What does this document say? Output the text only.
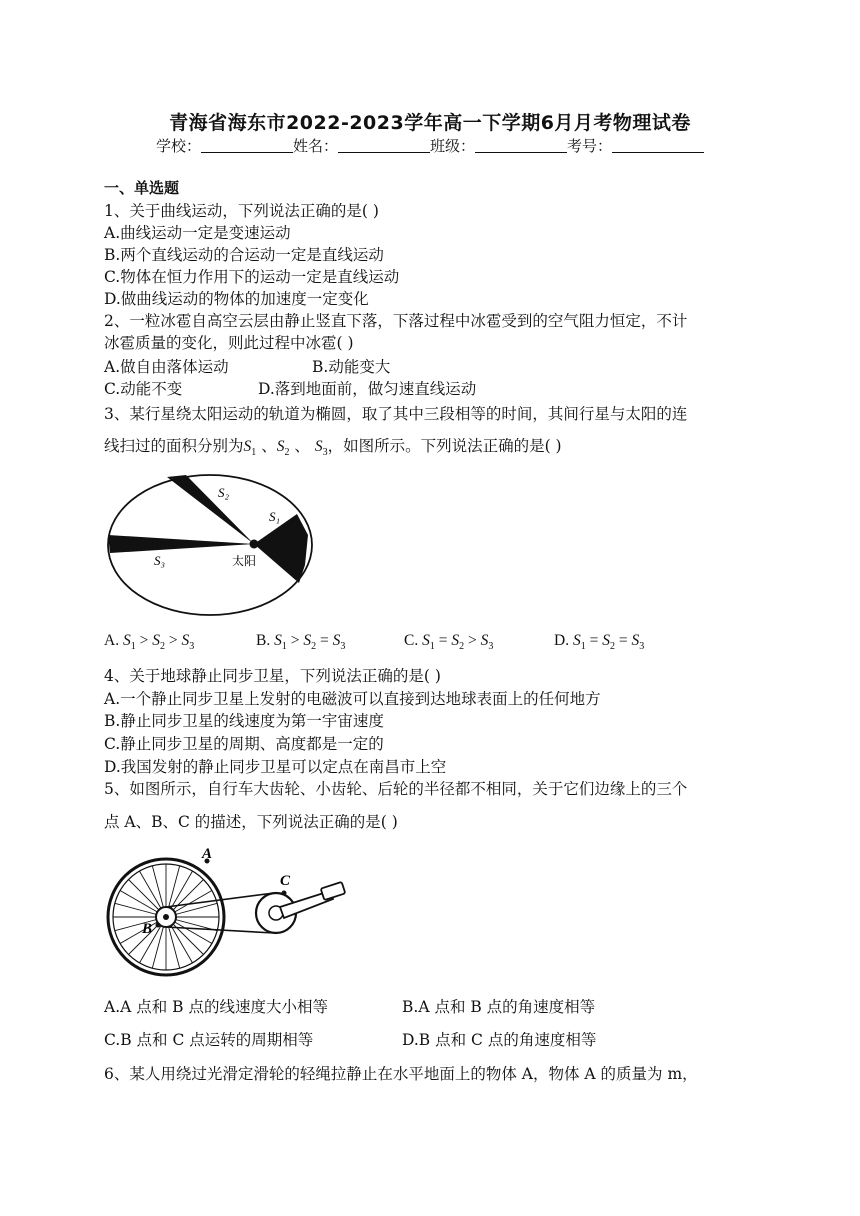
青海省海东市2022-2023学年高一下学期6月月考物理试卷
学校：	姓名：	班级：	考号：
一、单选题
1、关于曲线运动，下列说法正确的是( )
A.曲线运动一定是变速运动
B.两个直线运动的合运动一定是直线运动
C.物体在恒力作用下的运动一定是直线运动
D.做曲线运动的物体的加速度一定变化
2、一粒冰雹自高空云层由静止竖直下落，下落过程中冰雹受到的空气阻力恒定，不计
冰雹质量的变化，则此过程中冰雹( )
A.做自由落体运动	B.动能变大
C.动能不变	D.落到地面前，做匀速直线运动
3、某行星绕太阳运动的轨道为椭圆，取了其中三段相等的时间，其间行星与太阳的连
线扫过的面积分别为$S_1$ 、$S_2$ 、 $S_3$，如图所示。下列说法正确的是( )
S₂
S₁
S₃	太阳
A. $S_1 > S_2 > S_3$	B. $S_1 > S_2 = S_3$	C. $S_1 = S_2 > S_3$	D. $S_1 = S_2 = S_3$
4、关于地球静止同步卫星，下列说法正确的是( )
A.一个静止同步卫星上发射的电磁波可以直接到达地球表面上的任何地方
B.静止同步卫星的线速度为第一宇宙速度
C.静止同步卫星的周期、高度都是一定的
D.我国发射的静止同步卫星可以定点在南昌市上空
5、如图所示，自行车大齿轮、小齿轮、后轮的半径都不相同，关于它们边缘上的三个
点 A、B、C 的描述，下列说法正确的是( )
A
C
B
A.A 点和 B 点的线速度大小相等	B.A 点和 B 点的角速度相等
C.B 点和 C 点运转的周期相等	D.B 点和 C 点的角速度相等
6、某人用绕过光滑定滑轮的轻绳拉静止在水平地面上的物体 A，物体 A 的质量为 m，
